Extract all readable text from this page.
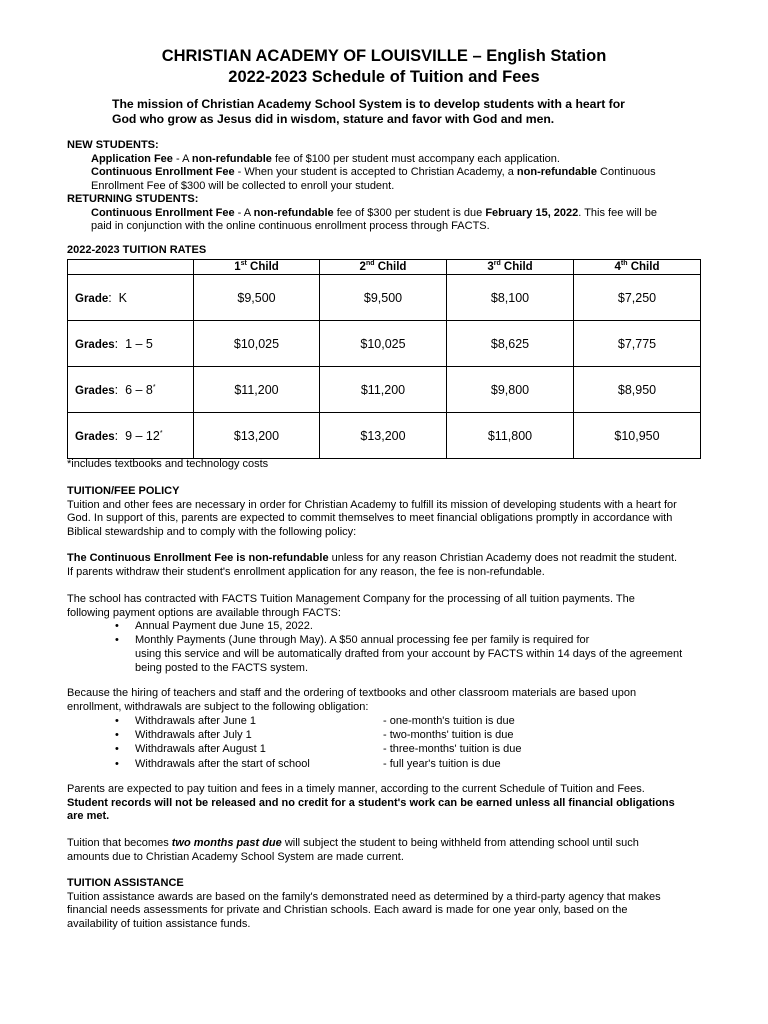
CHRISTIAN ACADEMY OF LOUISVILLE – English Station
2022-2023 Schedule of Tuition and Fees
The mission of Christian Academy School System is to develop students with a heart for
God who grow as Jesus did in wisdom, stature and favor with God and men.
NEW STUDENTS:
Application Fee - A non-refundable fee of $100 per student must accompany each application.
Continuous Enrollment Fee - When your student is accepted to Christian Academy, a non-refundable Continuous
Enrollment Fee of $300 will be collected to enroll your student.
RETURNING STUDENTS:
Continuous Enrollment Fee - A non-refundable fee of $300 per student is due February 15, 2022. This fee will be
paid in conjunction with the online continuous enrollment process through FACTS.
2022-2023 TUITION RATES
	1st Child	2nd Child	3rd Child	4th Child
Grade:  K	$9,500	$9,500	$8,100	$7,250
Grades:  1 – 5	$10,025	$10,025	$8,625	$7,775
Grades:  6 – 8*	$11,200	$11,200	$9,800	$8,950
Grades:  9 – 12*	$13,200	$13,200	$11,800	$10,950
*includes textbooks and technology costs
TUITION/FEE POLICY
Tuition and other fees are necessary in order for Christian Academy to fulfill its mission of developing students with a heart for
God. In support of this, parents are expected to commit themselves to meet financial obligations promptly in accordance with
Biblical stewardship and to comply with the following policy:
The Continuous Enrollment Fee is non-refundable unless for any reason Christian Academy does not readmit the student.
If parents withdraw their student's enrollment application for any reason, the fee is non-refundable.
The school has contracted with FACTS Tuition Management Company for the processing of all tuition payments. The
following payment options are available through FACTS:
•	Annual Payment due June 15, 2022.
•	Monthly Payments (June through May). A $50 annual processing fee per family is required for
using this service and will be automatically drafted from your account by FACTS within 14 days of the agreement
being posted to the FACTS system.
Because the hiring of teachers and staff and the ordering of textbooks and other classroom materials are based upon
enrollment, withdrawals are subject to the following obligation:
• Withdrawals after June 1	- one-month's tuition is due
• Withdrawals after July 1	- two-months' tuition is due
• Withdrawals after August 1	- three-months' tuition is due
• Withdrawals after the start of school	- full year's tuition is due
Parents are expected to pay tuition and fees in a timely manner, according to the current Schedule of Tuition and Fees.
Student records will not be released and no credit for a student's work can be earned unless all financial obligations
are met.
Tuition that becomes two months past due will subject the student to being withheld from attending school until such
amounts due to Christian Academy School System are made current.
TUITION ASSISTANCE
Tuition assistance awards are based on the family's demonstrated need as determined by a third-party agency that makes
financial needs assessments for private and Christian schools. Each award is made for one year only, based on the
availability of tuition assistance funds.
